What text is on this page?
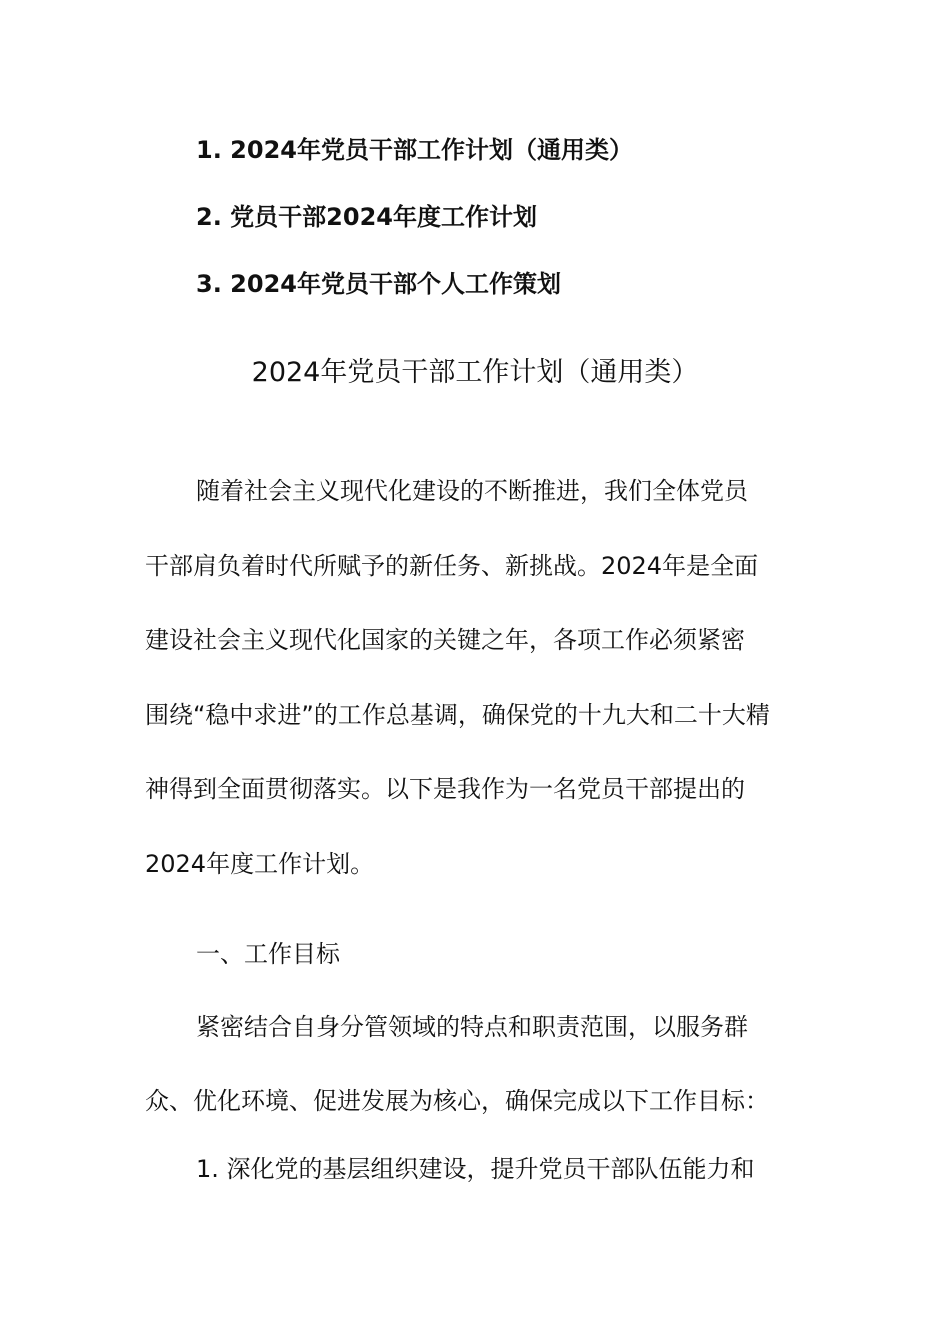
1. 2024年党员干部工作计划（通用类）
2. 党员干部2024年度工作计划
3. 2024年党员干部个人工作策划
2024年党员干部工作计划（通用类）
随着社会主义现代化建设的不断推进，我们全体党员
干部肩负着时代所赋予的新任务、新挑战。2024年是全面
建设社会主义现代化国家的关键之年，各项工作必须紧密
围绕“稳中求进”的工作总基调，确保党的十九大和二十大精
神得到全面贯彻落实。以下是我作为一名党员干部提出的
2024年度工作计划。
一、工作目标
紧密结合自身分管领域的特点和职责范围，以服务群
众、优化环境、促进发展为核心，确保完成以下工作目标：
1. 深化党的基层组织建设，提升党员干部队伍能力和
